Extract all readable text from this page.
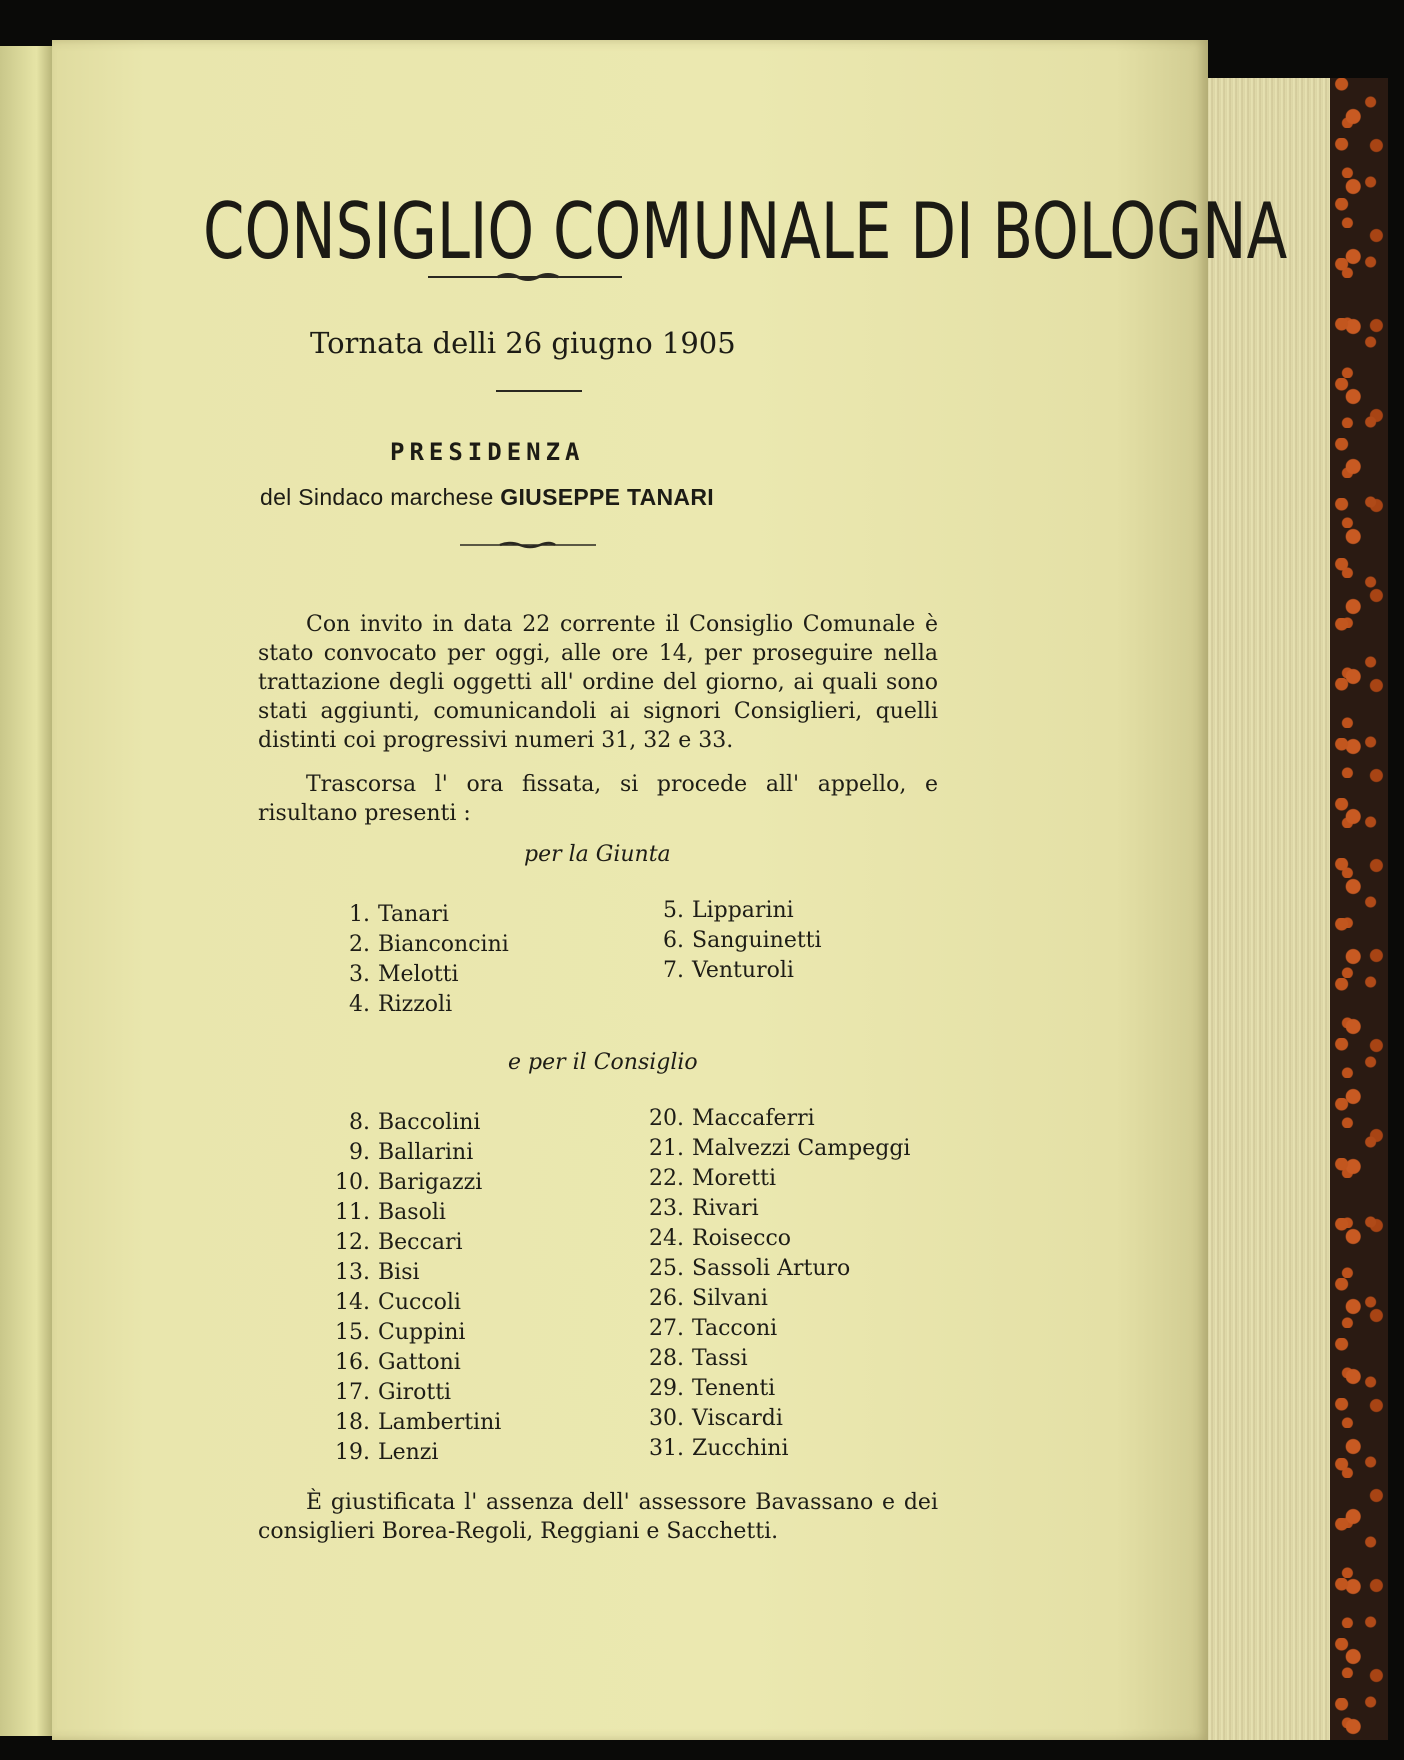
CONSIGLIO COMUNALE DI BOLOGNA
Tornata delli 26 giugno 1905
PRESIDENZA
del Sindaco marchese GIUSEPPE TANARI

Con invito in data 22 corrente il Consiglio Comunale è stato convocato per oggi, alle ore 14, per proseguire nella trattazione degli oggetti all' ordine del giorno, ai quali sono stati aggiunti, comunicandoli ai signori Consiglieri, quelli distinti coi progressivi numeri 31, 32 e 33.

Trascorsa l' ora fissata, si procede all' appello, e risultano presenti :

per la Giunta
1. Tanari
2. Bianconcini
3. Melotti
4. Rizzoli
5. Lipparini
6. Sanguinetti
7. Venturoli
e per il Consiglio
8. Baccolini
9. Ballarini
10. Barigazzi
11. Basoli
12. Beccari
13. Bisi
14. Cuccoli
15. Cuppini
16. Gattoni
17. Girotti
18. Lambertini
19. Lenzi
20. Maccaferri
21. Malvezzi Campeggi
22. Moretti
23. Rivari
24. Roisecco
25. Sassoli Arturo
26. Silvani
27. Tacconi
28. Tassi
29. Tenenti
30. Viscardi
31. Zucchini

È giustificata l' assenza dell' assessore Bavassano e dei consiglieri Borea-Regoli, Reggiani e Sacchetti.
